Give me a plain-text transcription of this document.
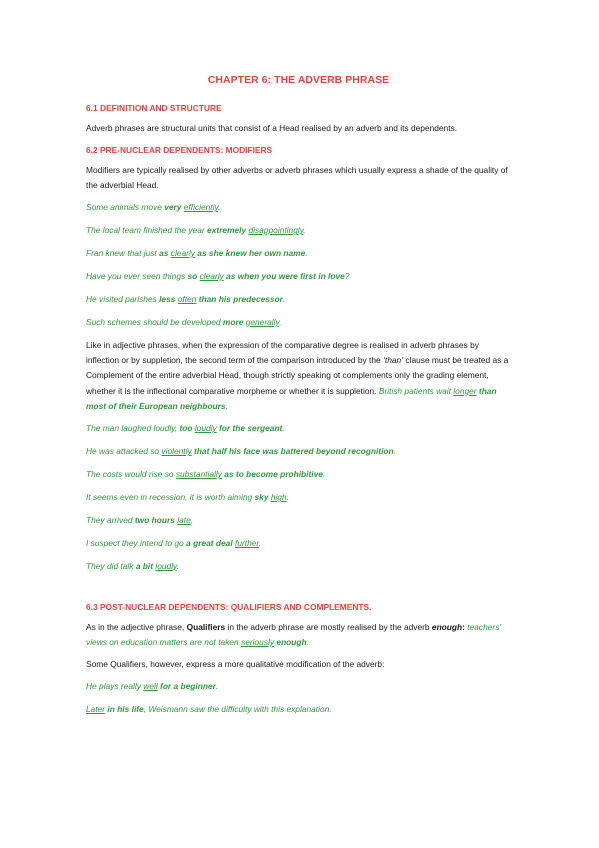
CHAPTER 6: THE ADVERB PHRASE
6.1 DEFINITION AND STRUCTURE

Adverb phrases are structural units that consist of a Head realised by an adverb and its dependents.

6.2 PRE-NUCLEAR DEPENDENTS: MODIFIERS

Modifiers are typically realised by other adverbs or adverb phrases which usually express a shade of the quality of the adverbial Head.

Some animals move very efficiently.

The local team finished the year extremely disappointingly.

Fran knew that just as clearly as she knew her own name.

Have you ever seen things so clearly as when you were first in love?

He visited parishes less often than his predecessor.

Such schemes should be developed more generally.

Like in adjective phrases, when the expression of the comparative degree is realised in adverb phrases by inflection or by suppletion, the second term of the comparison introduced by the ‘than’ clause must be treated as a Complement of the entire adverbial Head, though strictly speaking ot complements only the grading element, whether it is the inflectional comparative morpheme or whether it is suppletion. British patients wait longer than most of their European neighbours.

The man laughed loudly, too loudly for the sergeant.

He was attacked so violently that half his face was battered beyond recognition.

The costs would rise so substantially as to become prohibitive.

It seems even in recession, it is worth aiming sky high.

They arrived two hours late.

I suspect they intend to go a great deal further.

They did talk a bit loudly.

6.3 POST-NUCLEAR DEPENDENTS: QUALIFIERS AND COMPLEMENTS.

As in the adjective phrase, Qualifiers in the adverb phrase are mostly realised by the adverb enough: teachers’ views on education matters are not taken seriously enough.

Some Qualifiers, however, express a more qualitative modification of the adverb:

He plays really well for a beginner.

Later in his life, Weismann saw the difficulty with this explanation.
